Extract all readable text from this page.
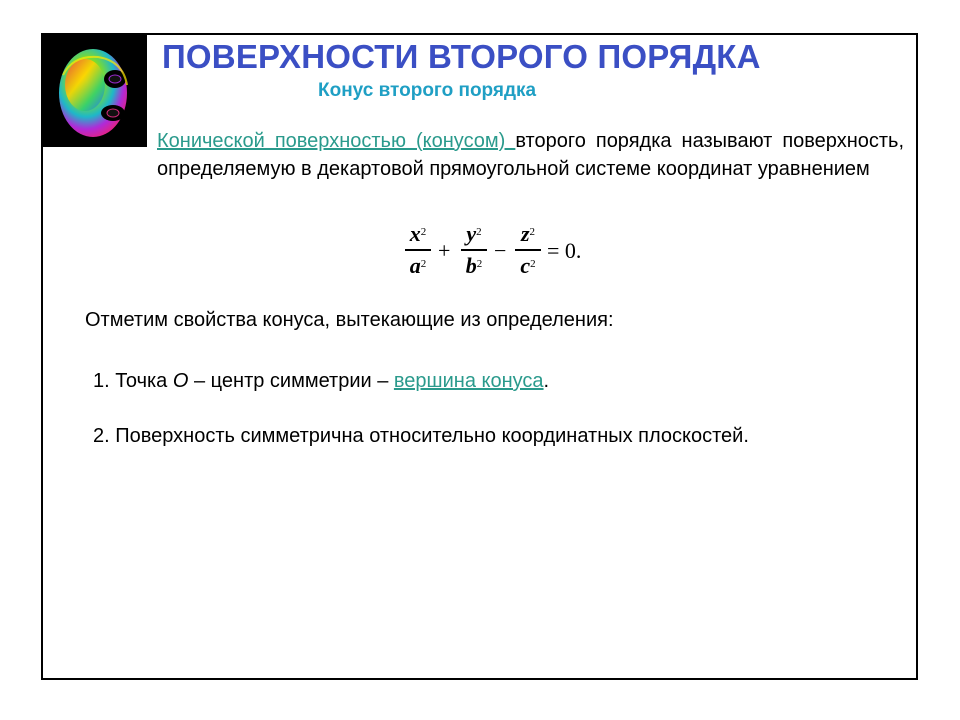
ПОВЕРХНОСТИ ВТОРОГО ПОРЯДКА
Конус второго порядка
Конической поверхностью (конусом) второго порядка называют поверхность, определяемую в декартовой прямоугольной системе координат уравнением
$x^2$
$a^2$
+
$y^2$
$b^2$
−
$z^2$
$c^2$
= 0.
Отметим свойства конуса, вытекающие из определения:
1. Точка O – центр симметрии – вершина конуса.
2. Поверхность симметрична относительно координатных плоскостей.
